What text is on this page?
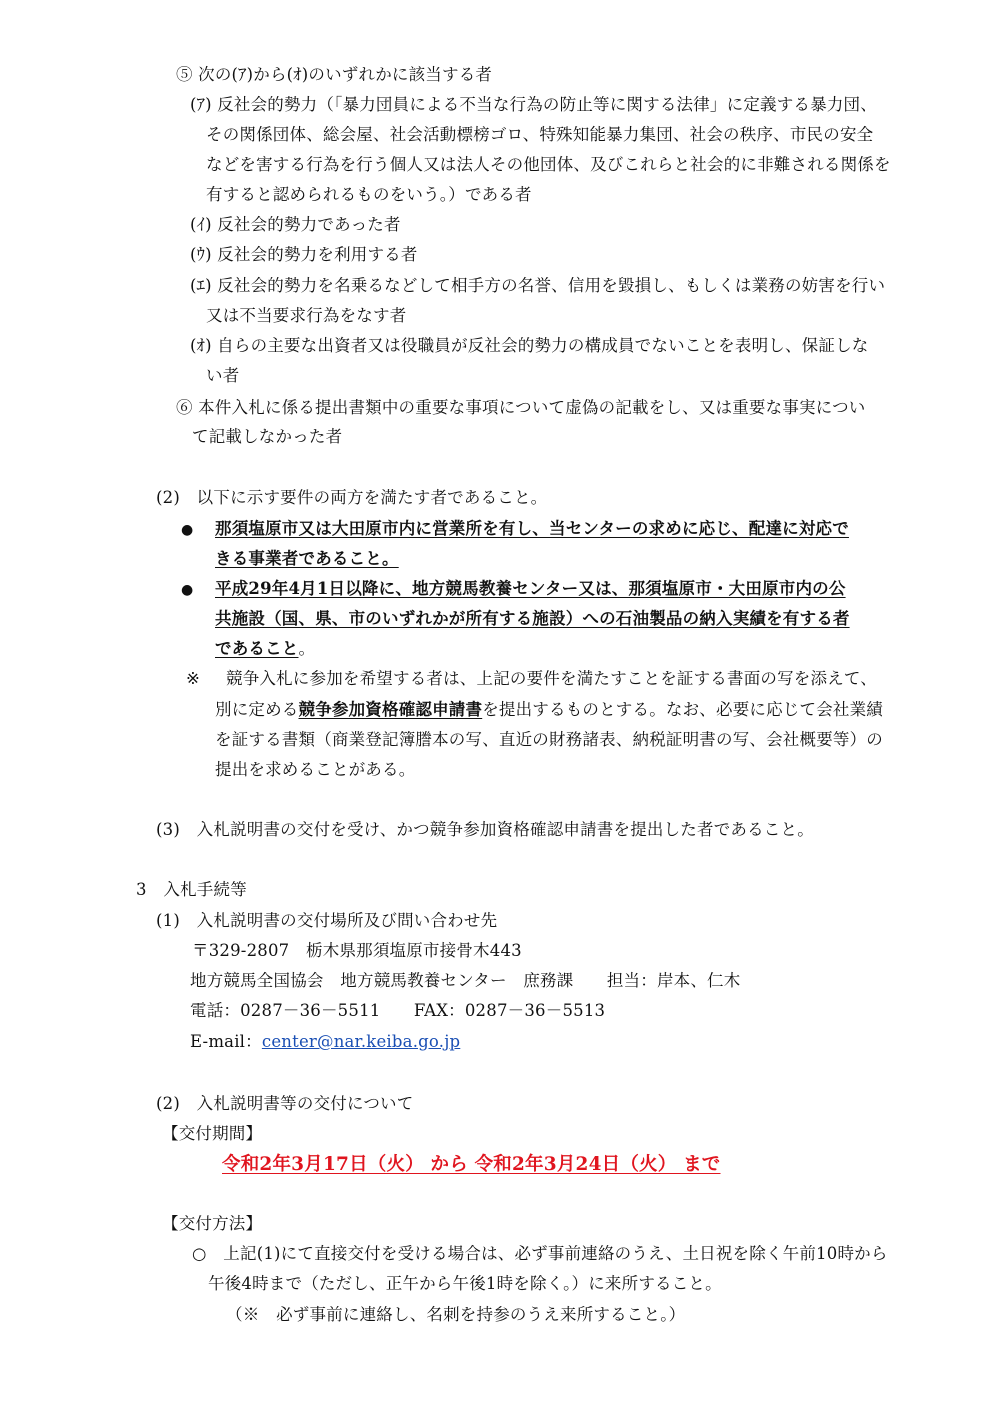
⑤ 次の(ｱ)から(ｵ)のいずれかに該当する者
(ｱ) 反社会的勢力（「暴力団員による不当な行為の防止等に関する法律」に定義する暴力団、
その関係団体、総会屋、社会活動標榜ゴロ、特殊知能暴力集団、社会の秩序、市民の安全
などを害する行為を行う個人又は法人その他団体、及びこれらと社会的に非難される関係を
有すると認められるものをいう。）である者
(ｲ) 反社会的勢力であった者
(ｳ) 反社会的勢力を利用する者
(ｴ) 反社会的勢力を名乗るなどして相手方の名誉、信用を毀損し、もしくは業務の妨害を行い
又は不当要求行為をなす者
(ｵ) 自らの主要な出資者又は役職員が反社会的勢力の構成員でないことを表明し、保証しな
い者
⑥ 本件入札に係る提出書類中の重要な事項について虚偽の記載をし、又は重要な事実につい
て記載しなかった者
(2)　以下に示す要件の両方を満たす者であること。
● 那須塩原市又は大田原市内に営業所を有し、当センターの求めに応じ、配達に対応で
きる事業者であること。
● 平成29年4月1日以降に、地方競馬教養センター又は、那須塩原市・大田原市内の公
共施設（国、県、市のいずれかが所有する施設）への石油製品の納入実績を有する者
であること。
※ 競争入札に参加を希望する者は、上記の要件を満たすことを証する書面の写を添えて、
別に定める競争参加資格確認申請書を提出するものとする。なお、必要に応じて会社業績
を証する書類（商業登記簿謄本の写、直近の財務諸表、納税証明書の写、会社概要等）の
提出を求めることがある。
(3)　入札説明書の交付を受け、かつ競争参加資格確認申請書を提出した者であること。
3　入札手続等
(1)　入札説明書の交付場所及び問い合わせ先
〒329-2807　栃木県那須塩原市接骨木443
地方競馬全国協会　地方競馬教養センター　庶務課　　担当：岸本、仁木
電話：0287－36－5511　　FAX：0287－36－5513
E-mail：center@nar.keiba.go.jp
(2)　入札説明書等の交付について
【交付期間】
令和2年3月17日（火） から 令和2年3月24日（火） まで
【交付方法】
○　上記(1)にて直接交付を受ける場合は、必ず事前連絡のうえ、土日祝を除く午前10時から
午後4時まで（ただし、正午から午後1時を除く。）に来所すること。
（※　必ず事前に連絡し、名刺を持参のうえ来所すること。）
